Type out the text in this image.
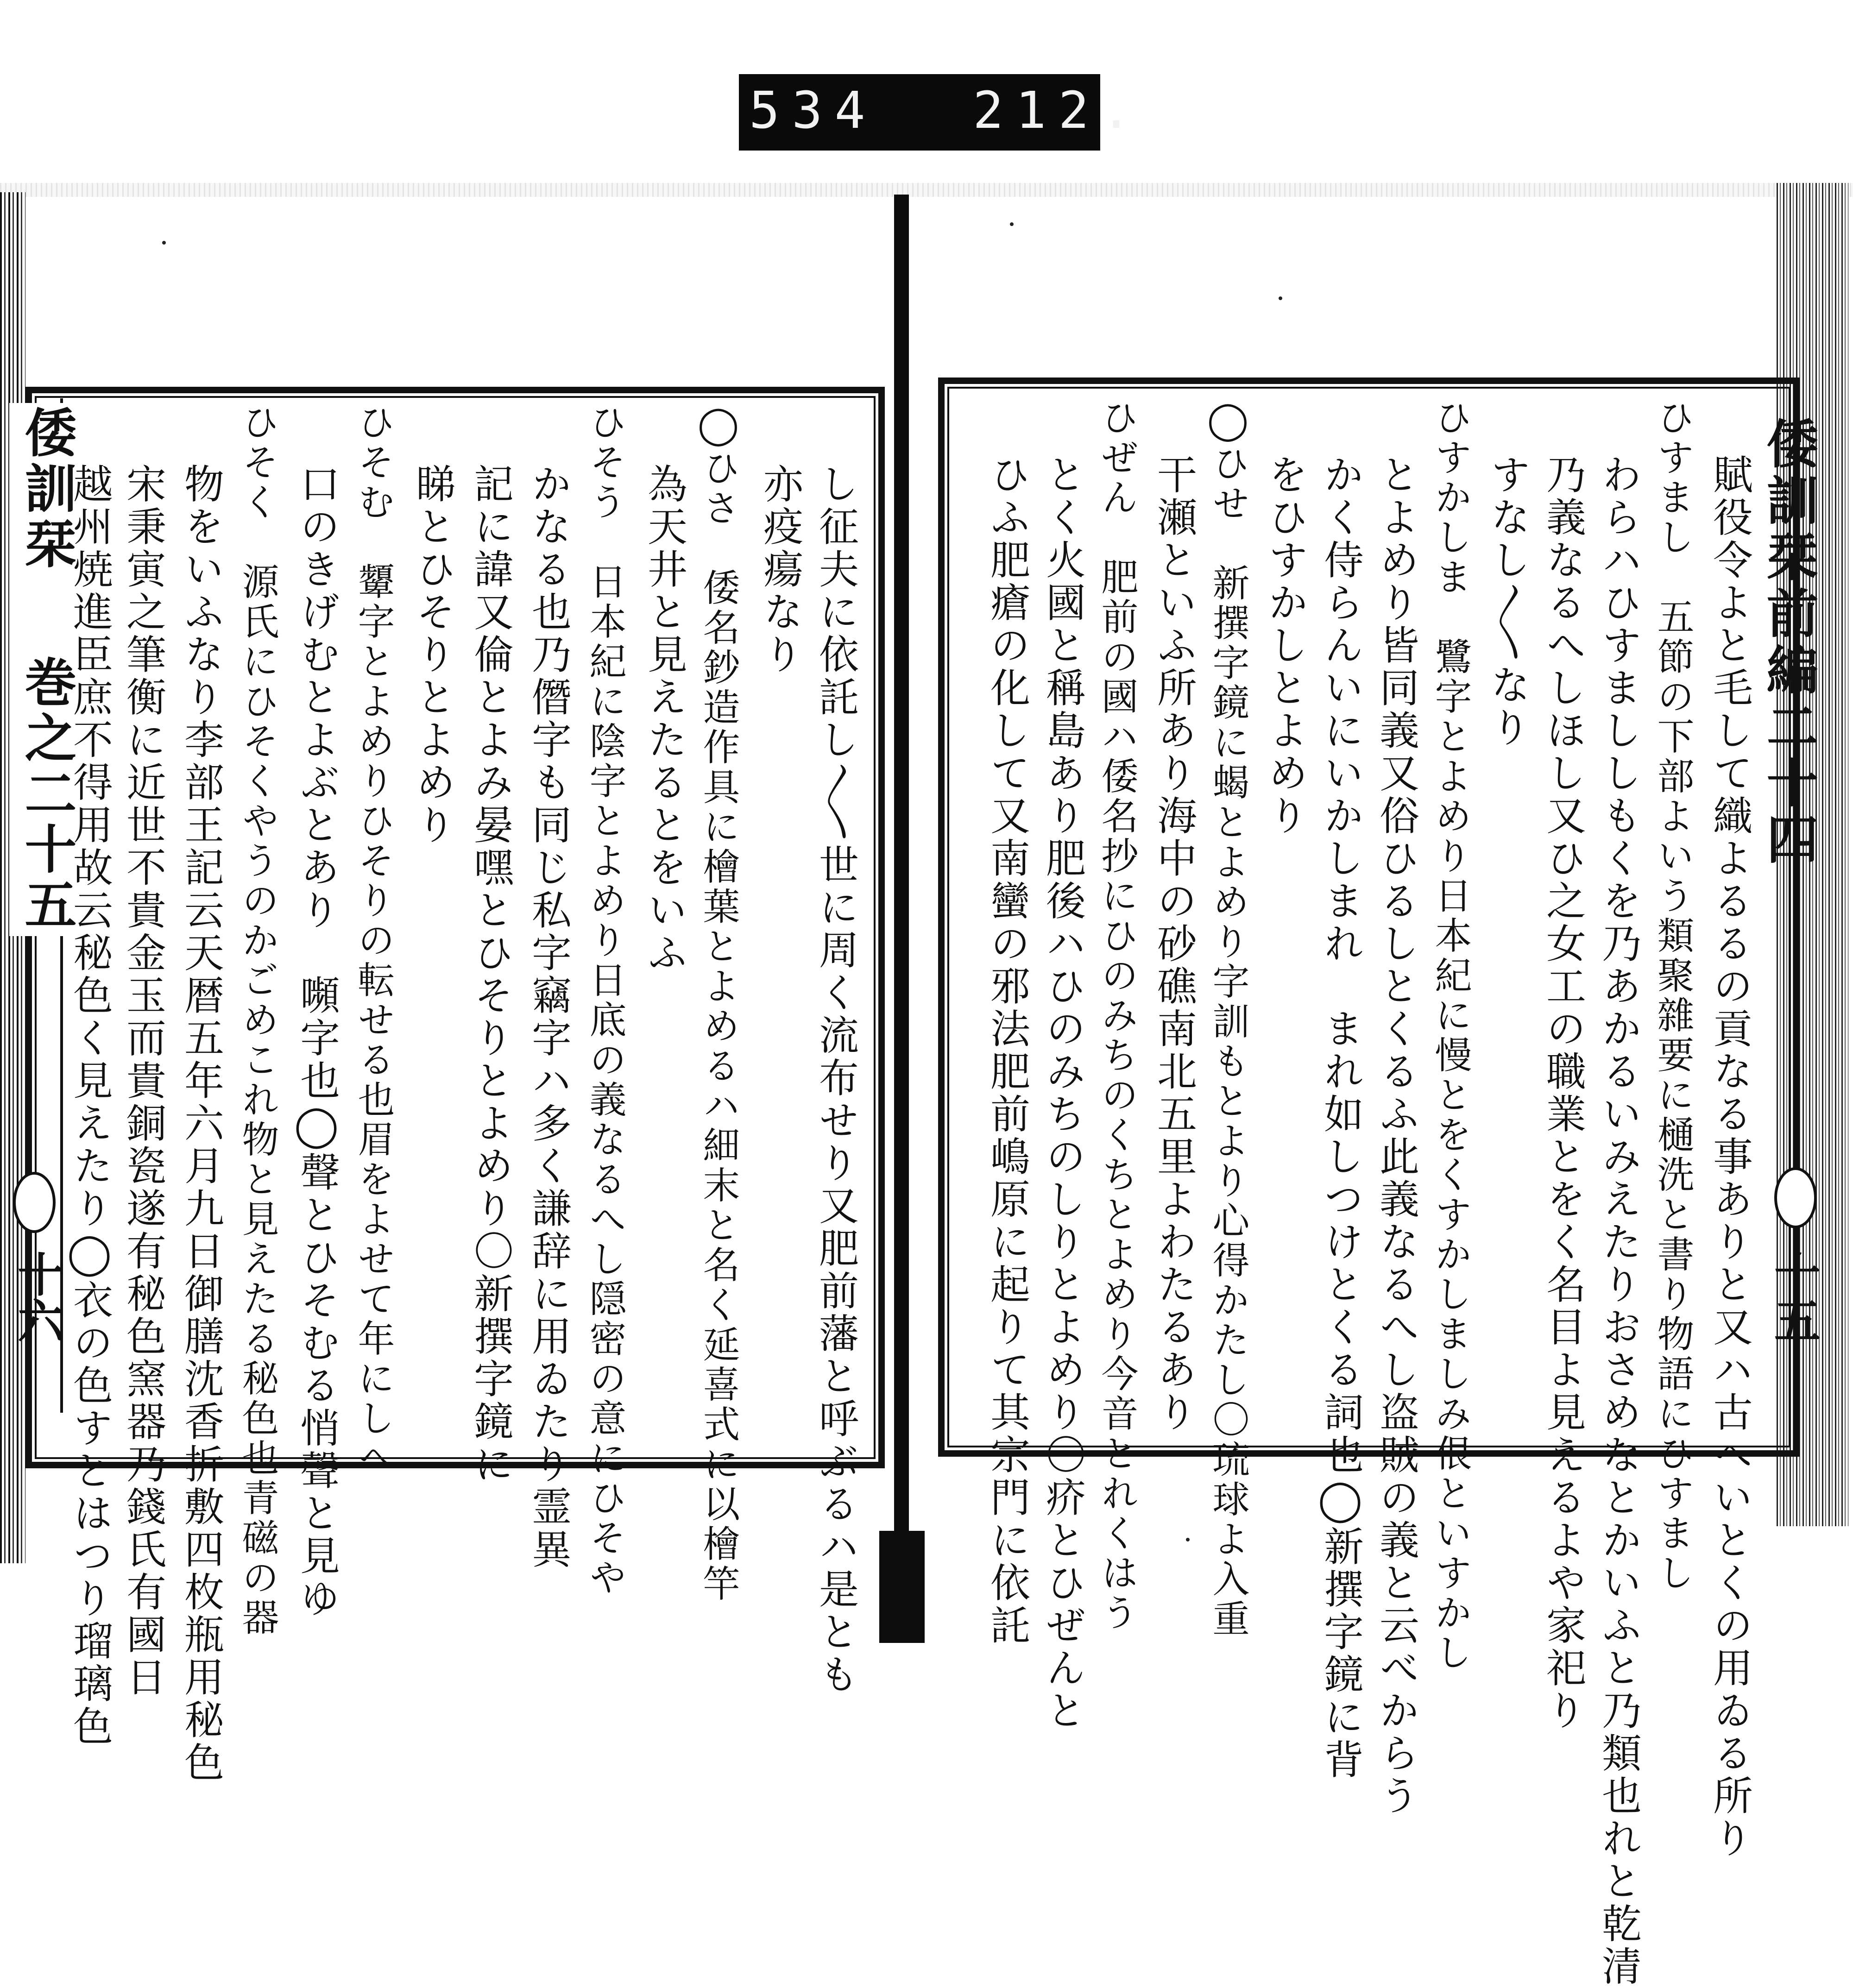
534 212.
倭訓栞 巻之二十五
十六	し征夫に依託し〳〵世に周く流布せり又肥前藩と呼ぶるハ是とも
亦疫瘍なり
◯ひさ　倭名鈔造作具に檜葉とよめるハ細末と名く延喜式に以檜竿
為天井と見えたるとをいふ
ひそう　日本紀に陰字とよめり日底の義なるへし隠密の意にひそや
かなる也乃僭字も同じ私字竊字ハ多く謙辞に用ゐたり霊異
記に諱又倫とよみ晏嘿とひそりとよめり〇新撰字鏡に
睇とひそりとよめり
ひそむ　顰字とよめりひそりの転せる也眉をよせて年にしへ
口のきげむとよぶとあり　嚬字也◯聲とひそむる悄聲と見ゆ
ひそく　源氏にひそくやうのかごめこれ物と見えたる秘色也青磁の器
物をいふなり李部王記云天暦五年六月九日御膳沈香折敷四枚瓶用秘色
宋秉寅之筆衡に近世不貴金玉而貴銅瓷遂有秘色窯器乃錢氏有國日
越州焼進臣庶不得用故云秘色く見えたり◯衣の色すとはつり瑠璃色	倭訓栞前編二十四
十五
賦役令よと毛して織よるるの貢なる事ありと又ハ古へいとくの用ゐる所り
ひすまし　五節の下部よいう類聚雜要に樋洗と書り物語にひすまし
わらハひすまししもくを乃あかるいみえたりおさめなとかいふと乃類也れと乾清
乃義なるへしほし又ひ之女工の職業とをく名目よ見えるよや家祀り
すなし〳〵なり
ひすかしま　鷺字とよめり日本紀に慢とをくすかしましみ佷といすかし
とよめり皆同義又俗ひるしとくるふ此義なるへし盗賊の義と云べからう
かく侍らんいにいかしまれ　まれ如しつけとくる詞也◯新撰字鏡に背
をひすかしとよめり
◯ひせ　新撰字鏡に蝎とよめり字訓もとより心得かたし〇琉球よ入重
干瀬といふ所あり海中の砂礁南北五里よわたるあり
ひぜん　肥前の國ハ倭名抄にひのみちのくちとよめり今音とれくはう
とく火國と稱島あり肥後ハひのみちのしりとよめり〇疥とひぜんと
ひふ肥瘡の化して又南蠻の邪法肥前嶋原に起りて其宗門に依託
